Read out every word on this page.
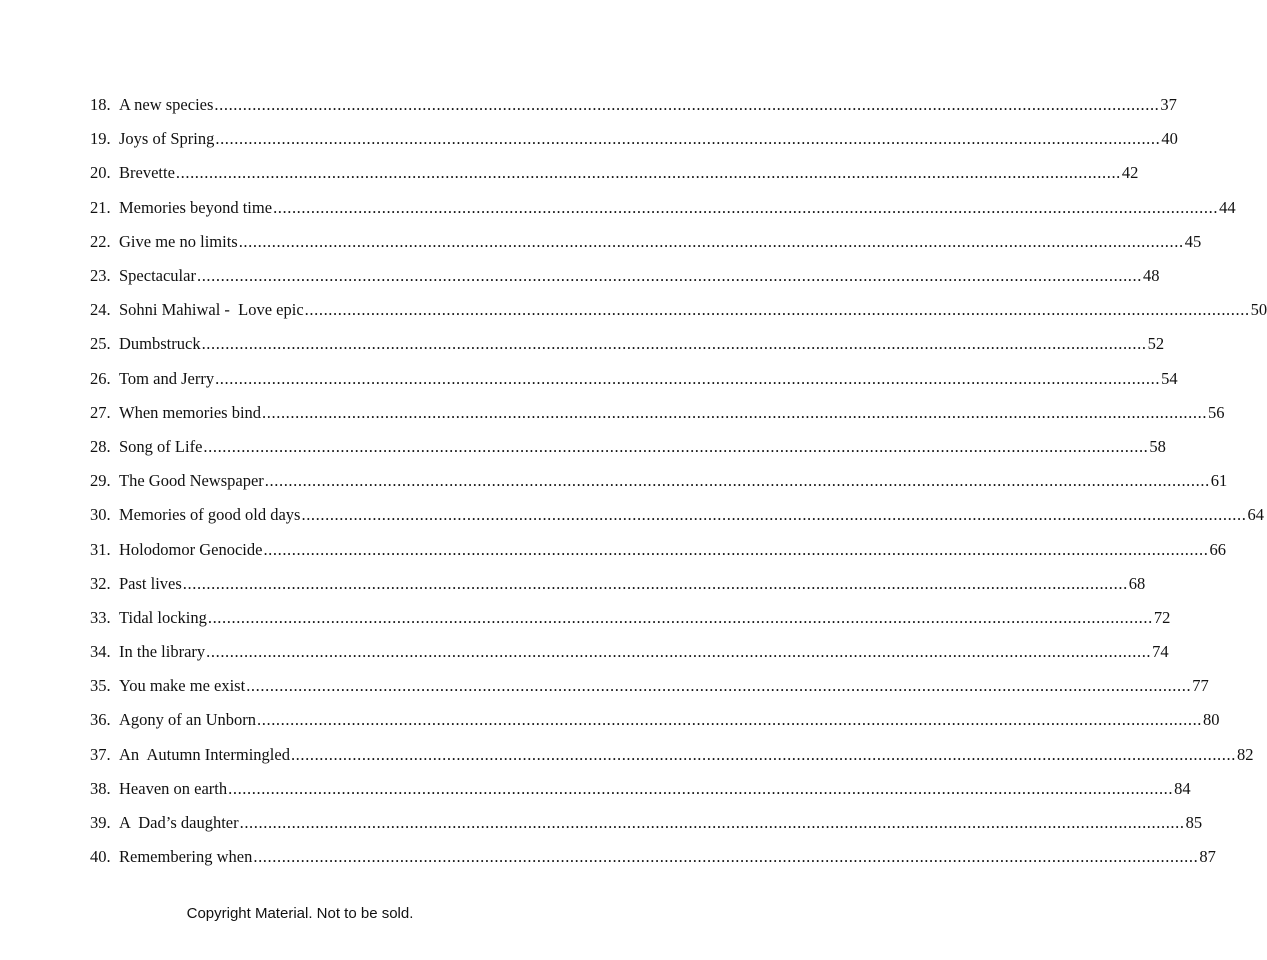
18. A new species ........................................................................................................................................................................................................ 37
19. Joys of Spring ........................................................................................................................................................................................................ 40
20. Brevette ........................................................................................................................................................................................................ 42
21. Memories beyond time ........................................................................................................................................................................................................ 44
22. Give me no limits ........................................................................................................................................................................................................ 45
23. Spectacular ........................................................................................................................................................................................................ 48
24. Sohni Mahiwal -  Love epic ........................................................................................................................................................................................................ 50
25. Dumbstruck ........................................................................................................................................................................................................ 52
26. Tom and Jerry ........................................................................................................................................................................................................ 54
27. When memories bind ........................................................................................................................................................................................................ 56
28. Song of Life ........................................................................................................................................................................................................ 58
29. The Good Newspaper ........................................................................................................................................................................................................ 61
30. Memories of good old days ........................................................................................................................................................................................................ 64
31. Holodomor Genocide ........................................................................................................................................................................................................ 66
32. Past lives ........................................................................................................................................................................................................ 68
33. Tidal locking ........................................................................................................................................................................................................ 72
34. In the library ........................................................................................................................................................................................................ 74
35. You make me exist ........................................................................................................................................................................................................ 77
36. Agony of an Unborn ........................................................................................................................................................................................................ 80
37. An  Autumn Intermingled ........................................................................................................................................................................................................ 82
38. Heaven on earth ........................................................................................................................................................................................................ 84
39. A  Dad’s daughter ........................................................................................................................................................................................................ 85
40. Remembering when ........................................................................................................................................................................................................ 87
Copyright Material. Not to be sold.
